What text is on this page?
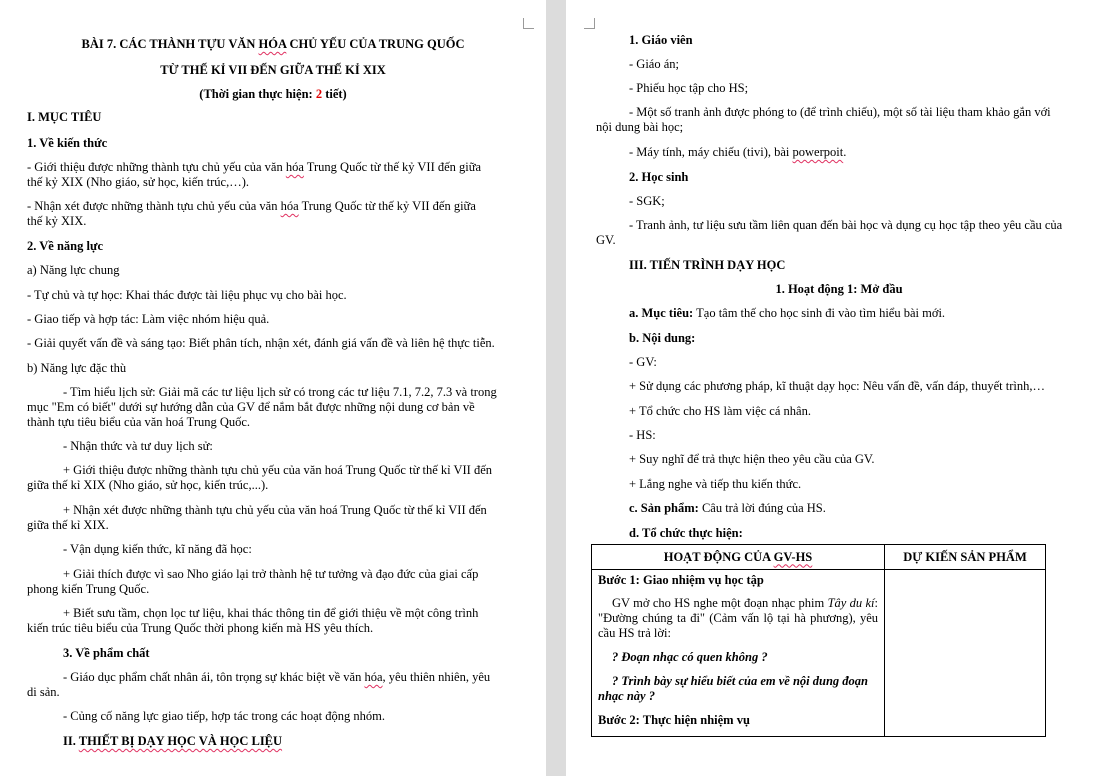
BÀI 7. CÁC THÀNH TỰU VĂN HÓA CHỦ YẾU CỦA TRUNG QUỐC
TỪ THẾ KỈ VII ĐẾN GIỮA THẾ KỈ XIX
(Thời gian thực hiện: 2 tiết)
I. MỤC TIÊU
1. Về kiến thức
- Giới thiệu được những thành tựu chủ yếu của văn hóa Trung Quốc từ thế kỷ VII đến giữa
thế kỷ XIX (Nho giáo, sử học, kiến trúc,…).
- Nhận xét được những thành tựu chủ yếu của văn hóa Trung Quốc từ thế kỷ VII đến giữa
thế kỷ XIX.
2. Về năng lực
a) Năng lực chung
- Tự chủ và tự học: Khai thác được tài liệu phục vụ cho bài học.
- Giao tiếp và hợp tác: Làm việc nhóm hiệu quả.
- Giải quyết vấn đề và sáng tạo: Biết phân tích, nhận xét, đánh giá vấn đề và liên hệ thực tiễn.
b) Năng lực đặc thù
- Tìm hiểu lịch sử: Giải mã các tư liệu lịch sử có trong các tư liệu 7.1, 7.2, 7.3 và trong
mục "Em có biết" dưới sự hướng dẫn của GV để nắm bắt được những nội dung cơ bản về
thành tựu tiêu biểu của văn hoá Trung Quốc.
- Nhận thức và tư duy lịch sử:
+ Giới thiệu được những thành tựu chủ yếu của văn hoá Trung Quốc từ thế kỉ VII đến
giữa thế kỉ XIX (Nho giáo, sử học, kiến trúc,...).
+ Nhận xét được những thành tựu chủ yếu của văn hoá Trung Quốc từ thế kỉ VII đến
giữa thế kỉ XIX.
- Vận dụng kiến thức, kĩ năng đã học:
+ Giải thích được vì sao Nho giáo lại trở thành hệ tư tưởng và đạo đức của giai cấp
phong kiến Trung Quốc.
+ Biết sưu tầm, chọn lọc tư liệu, khai thác thông tin để giới thiệu về một công trình
kiến trúc tiêu biểu của Trung Quốc thời phong kiến mà HS yêu thích.
3. Về phẩm chất
- Giáo dục phẩm chất nhân ái, tôn trọng sự khác biệt về văn hóa, yêu thiên nhiên, yêu
di sản.
- Củng cố năng lực giao tiếp, hợp tác trong các hoạt động nhóm.
II. THIẾT BỊ DẠY HỌC VÀ HỌC LIỆU
1. Giáo viên
- Giáo án;
- Phiếu học tập cho HS;
- Một số tranh ảnh được phóng to (để trình chiếu), một số tài liệu tham khảo gắn với
nội dung bài học;
- Máy tính, máy chiếu (tivi), bài powerpoit.
2. Học sinh
- SGK;
- Tranh ảnh, tư liệu sưu tầm liên quan đến bài học và dụng cụ học tập theo yêu cầu của
GV.
III. TIẾN TRÌNH DẠY HỌC
1. Hoạt động 1: Mở đầu
a. Mục tiêu: Tạo tâm thế cho học sinh đi vào tìm hiểu bài mới.
b. Nội dung:
- GV:
+ Sử dụng các phương pháp, kĩ thuật dạy học: Nêu vấn đề, vấn đáp, thuyết trình,…
+ Tổ chức cho HS làm việc cá nhân.
- HS:
+ Suy nghĩ để trả thực hiện theo yêu cầu của GV.
+ Lắng nghe và tiếp thu kiến thức.
c. Sản phẩm: Câu trả lời đúng của HS.
d. Tổ chức thực hiện:
HOẠT ĐỘNG CỦA GV-HS	DỰ KIẾN SẢN PHẨM

Bước 1: Giao nhiệm vụ học tập
GV mở cho HS nghe một đoạn nhạc phim Tây du kí: "Đường chúng ta đi" (Cảm vấn lộ tại hà phương), yêu cầu HS trả lời:
? Đoạn nhạc có quen không ?
? Trình bày sự hiểu biết của em về nội dung đoạn nhạc này ?
Bước 2: Thực hiện nhiệm vụ	
